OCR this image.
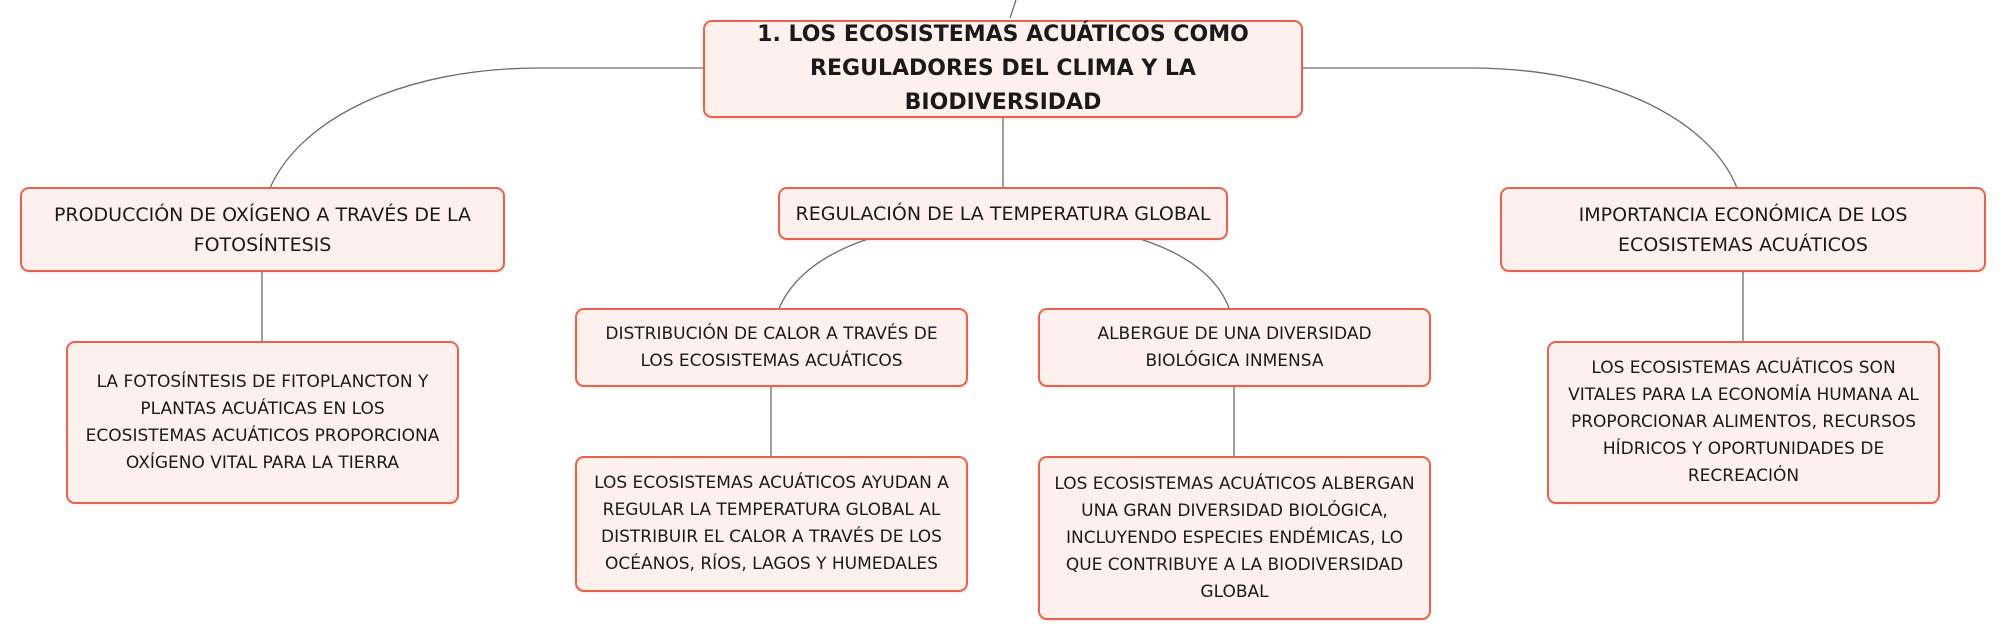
1. LOS ECOSISTEMAS ACUÁTICOS COMO REGULADORES DEL CLIMA Y LA BIODIVERSIDAD
PRODUCCIÓN DE OXÍGENO A TRAVÉS DE LA FOTOSÍNTESIS
REGULACIÓN DE LA TEMPERATURA GLOBAL	IMPORTANCIA ECONÓMICA DE LOS ECOSISTEMAS ACUÁTICOS
LA FOTOSÍNTESIS DE FITOPLANCTON Y PLANTAS ACUÁTICAS EN LOS ECOSISTEMAS ACUÁTICOS PROPORCIONA OXÍGENO VITAL PARA LA TIERRA
DISTRIBUCIÓN DE CALOR A TRAVÉS DE LOS ECOSISTEMAS ACUÁTICOS
ALBERGUE DE UNA DIVERSIDAD BIOLÓGICA INMENSA
LOS ECOSISTEMAS ACUÁTICOS AYUDAN A REGULAR LA TEMPERATURA GLOBAL AL DISTRIBUIR EL CALOR A TRAVÉS DE LOS OCÉANOS, RÍOS, LAGOS Y HUMEDALES
LOS ECOSISTEMAS ACUÁTICOS ALBERGAN UNA GRAN DIVERSIDAD BIOLÓGICA, INCLUYENDO ESPECIES ENDÉMICAS, LO QUE CONTRIBUYE A LA BIODIVERSIDAD GLOBAL
LOS ECOSISTEMAS ACUÁTICOS SON VITALES PARA LA ECONOMÍA HUMANA AL PROPORCIONAR ALIMENTOS, RECURSOS HÍDRICOS Y OPORTUNIDADES DE RECREACIÓN
